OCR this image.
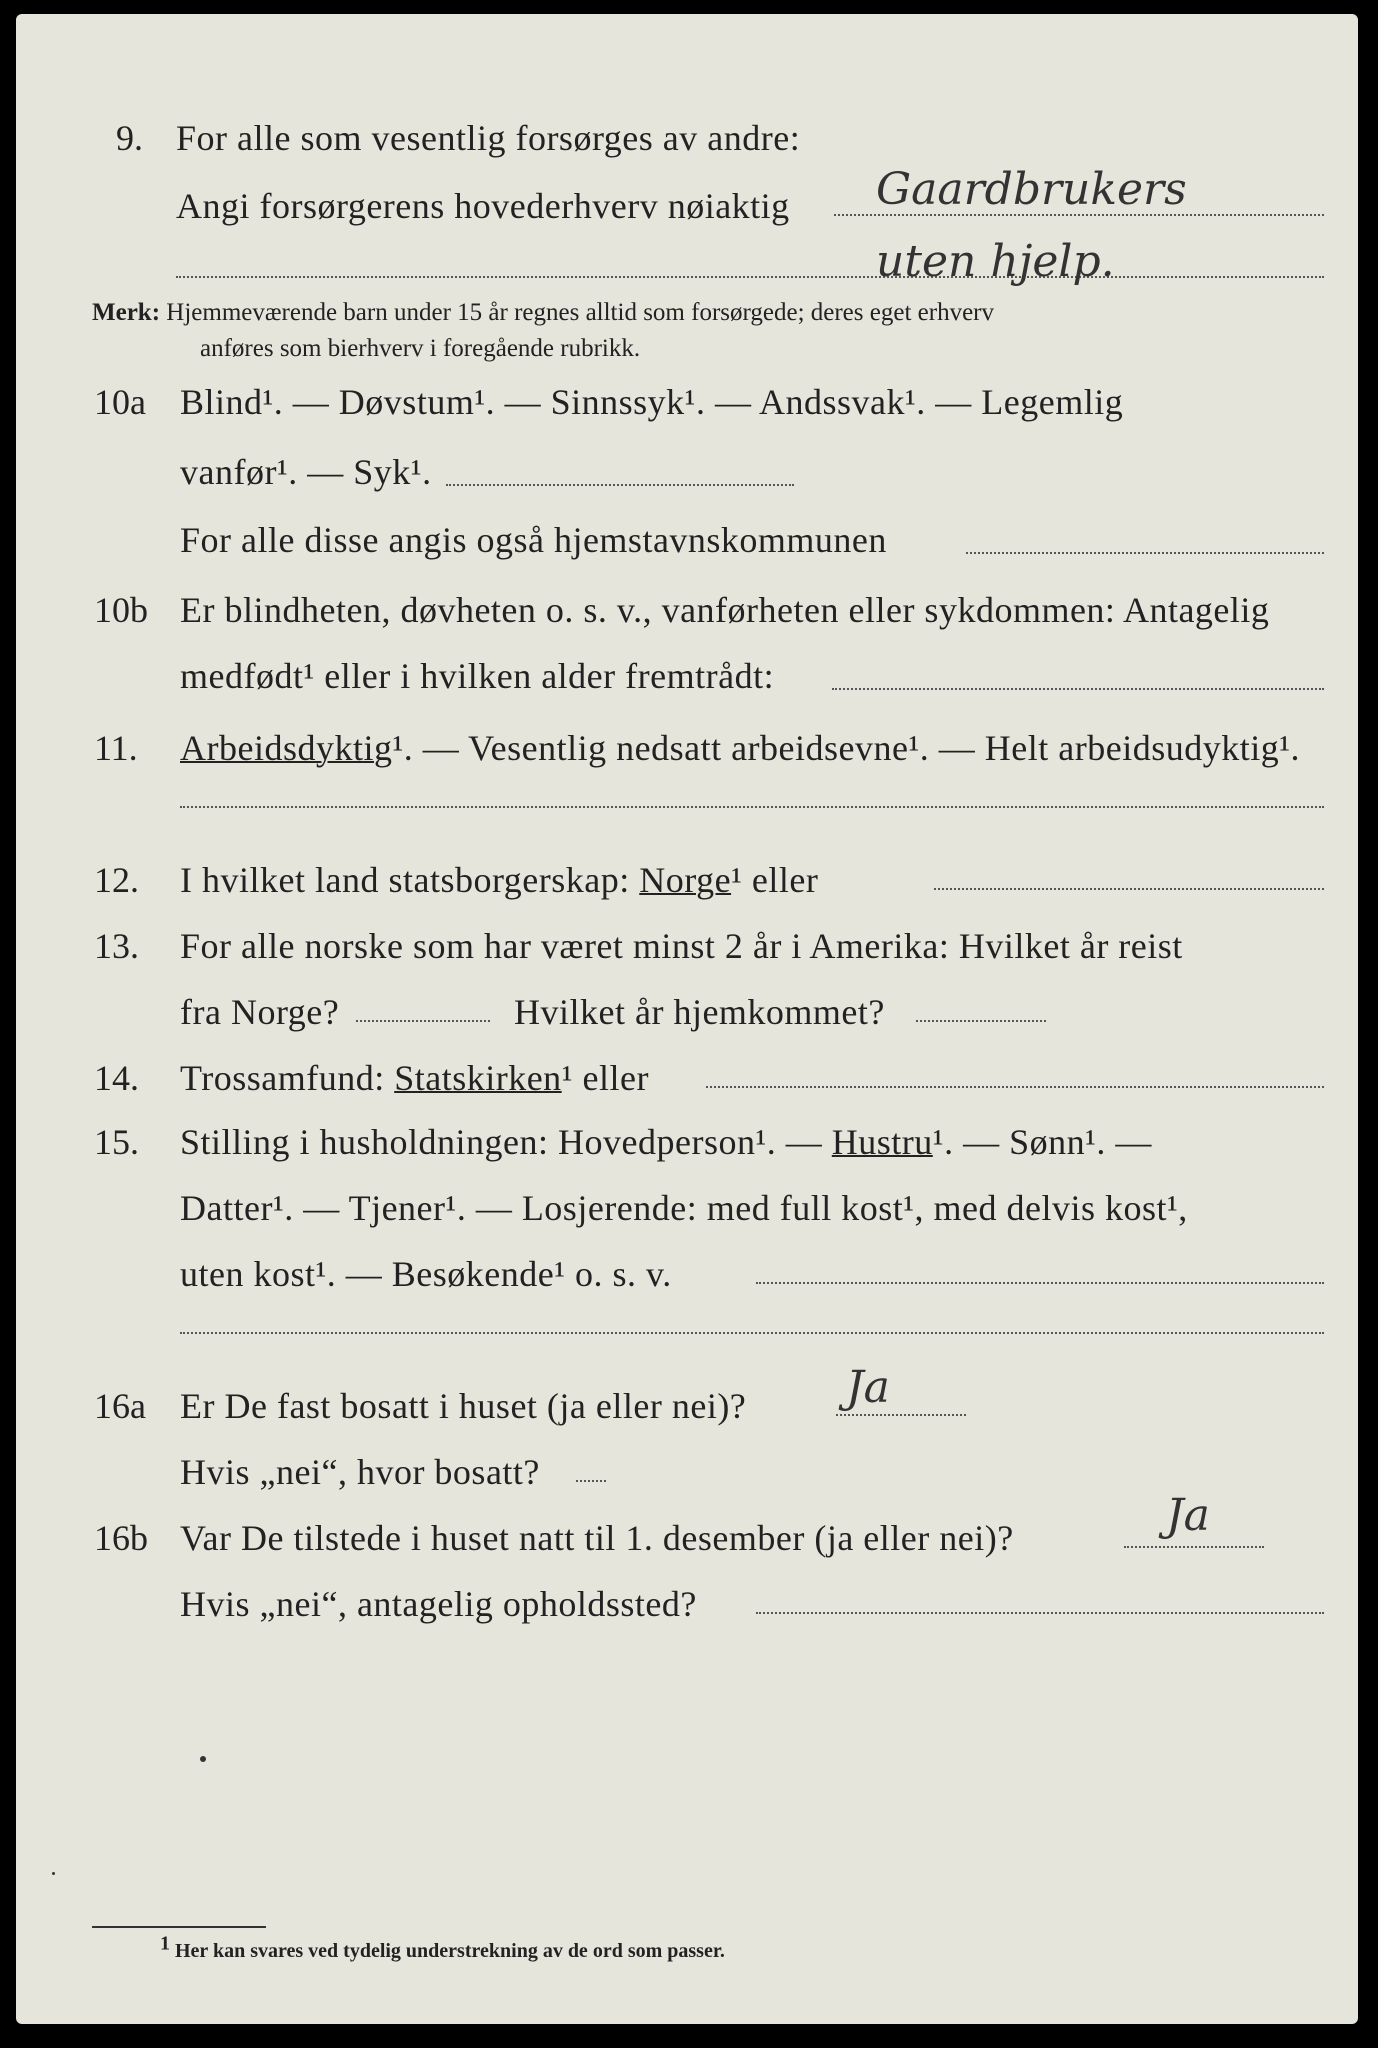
9. For alle som vesentlig forsørges av andre:
Angi forsørgerens hovederhverv nøiaktig Gaardbrukers
uten hjelp.
Merk: Hjemmeværende barn under 15 år regnes alltid som forsørgede; deres eget erhverv
anføres som bierhverv i foregående rubrikk.
10a Blind¹. — Døvstum¹. — Sinnssyk¹. — Andssvak¹. — Legemlig
vanfør¹. — Syk¹.
For alle disse angis også hjemstavnskommunen
10b Er blindheten, døvheten o. s. v., vanførheten eller sykdommen: Antagelig
medfødt¹ eller i hvilken alder fremtrådt:
11. Arbeidsdyktig¹. — Vesentlig nedsatt arbeidsevne¹. — Helt arbeidsudyktig¹.
12. I hvilket land statsborgerskap: Norge¹ eller
13. For alle norske som har været minst 2 år i Amerika: Hvilket år reist
fra Norge?	Hvilket år hjemkommet?
14. Trossamfund: Statskirken¹ eller
15. Stilling i husholdningen: Hovedperson¹. — Hustru¹. — Sønn¹. —
Datter¹. — Tjener¹. — Losjerende: med full kost¹, med delvis kost¹,
uten kost¹. — Besøkende¹ o. s. v.
16a Er De fast bosatt i huset (ja eller nei)? Ja
Hvis „nei“, hvor bosatt?
16b Var De tilstede i huset natt til 1. desember (ja eller nei)?	Ja
Hvis „nei“, antagelig opholdssted?
$^1$ Her kan svares ved tydelig understrekning av de ord som passer.
